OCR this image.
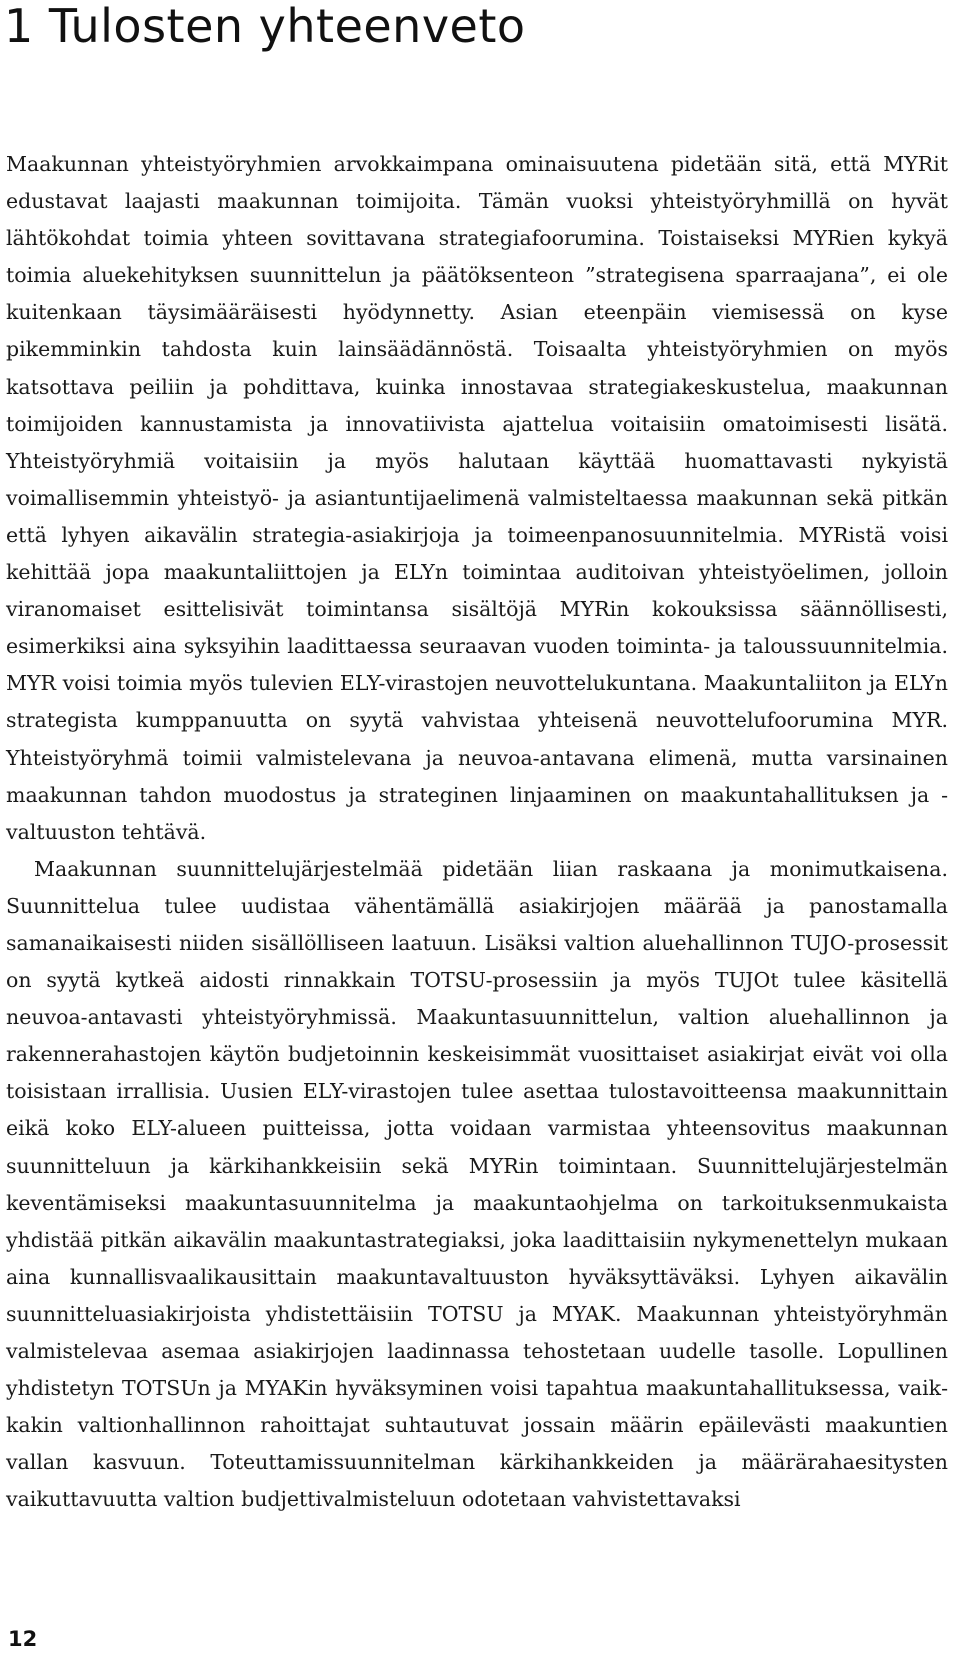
1 Tulosten yhteenveto

Maakunnan yhteistyöryhmien arvokkaimpana ominaisuutena pidetään sitä, että MYRit edustavat laajasti maakunnan toimijoita. Tämän vuoksi yhteistyöryhmillä on hyvät lähtökohdat toimia yhteen sovittavana strategiafoorumina. Toistaiseksi MYRien kykyä toimia aluekehityksen suunnittelun ja päätöksenteon ”strategisena sparraajana”, ei ole kuitenkaan täysimääräisesti hyödynnetty. Asian eteenpäin viemisessä on kyse pikemminkin tahdosta kuin lainsäädännöstä. Toisaalta yhteistyöryhmien on myös katsottava peiliin ja pohdittava, kuinka innostavaa strategiakeskustelua, maakunnan toimijoiden kannustamista ja innovatiivista ajattelua voitaisiin omatoimisesti lisätä. Yhteistyöryhmiä voitaisiin ja myös halutaan käyttää huomattavasti nykyistä voimallisemmin yhteistyö- ja asiantuntijaelimenä valmisteltaessa maakunnan sekä pitkän että lyhyen aikavälin strategia-asiakirjoja ja toimeenpanosuunnitelmia. MYRistä voisi kehittää jopa maakuntaliittojen ja ELYn toimintaa auditoivan yhteistyöelimen, jolloin viranomaiset esittelisivät toimintansa sisältöjä MYRin kokouksissa säännöllisesti, esimerkiksi aina syksyihin laadittaessa seuraavan vuoden toiminta- ja taloussuunnitelmia. MYR voisi toimia myös tulevien ELY-virastojen neuvottelukuntana. Maakuntaliiton ja ELYn strategista kumppanuutta on syytä vahvistaa yhteisenä neuvottelufoorumina MYR. Yhteistyöryhmä toimii valmistelevana ja neuvoa-antavana elimenä, mutta varsinainen maakunnan tahdon muodostus ja strateginen linjaaminen on maakuntahallituksen ja -valtuuston tehtävä.

Maakunnan suunnittelujärjestelmää pidetään liian raskaana ja monimutkaisena. Suunnittelua tulee uudistaa vähentämällä asiakirjojen määrää ja panostamalla samanaikaisesti niiden sisällölliseen laatuun. Lisäksi valtion aluehallinnon TUJO-prosessit on syytä kytkeä aidosti rinnakkain TOTSU-prosessiin ja myös TUJOt tulee käsitellä neuvoa-antavasti yhteistyöryhmissä. Maakuntasuunnittelun, valtion aluehallinnon ja rakennerahastojen käytön budjetoinnin keskeisimmät vuosittaiset asiakirjat eivät voi olla toisistaan irrallisia. Uusien ELY-virastojen tulee asettaa tulostavoitteensa maakunnittain eikä koko ELY-alueen puitteissa, jotta voidaan varmistaa yhteensovitus maakunnan suunnitteluun ja kärkihankkeisiin sekä MYRin toimintaan. Suunnittelujärjestelmän keventämiseksi maakuntasuunnitelma ja maakuntaohjelma on tarkoituksenmukaista yhdistää pitkän aikavälin maakuntastrategiaksi, joka laadittaisiin nykymenettelyn mukaan aina kunnallisvaalikausittain maakuntavaltuuston hyväksyttäväksi. Lyhyen aikavälin suunnitteluasiakirjoista yhdistettäisiin TOTSU ja MYAK. Maakunnan yhteistyöryhmän valmistelevaa asemaa asiakirjojen laadinnassa tehostetaan uudelle tasolle. Lopullinen yhdistetyn TOTSUn ja MYAKin hyväksyminen voisi tapahtua maakuntahallituksessa, vaikkakin valtionhallinnon rahoittajat suhtautuvat jossain määrin epäilevästi maakuntien vallan kasvuun. Toteuttamissuunnitelman kärkihankkeiden ja määrärahaesitysten vaikuttavuutta valtion budjettivalmisteluun odotetaan vahvistettavaksi

12
